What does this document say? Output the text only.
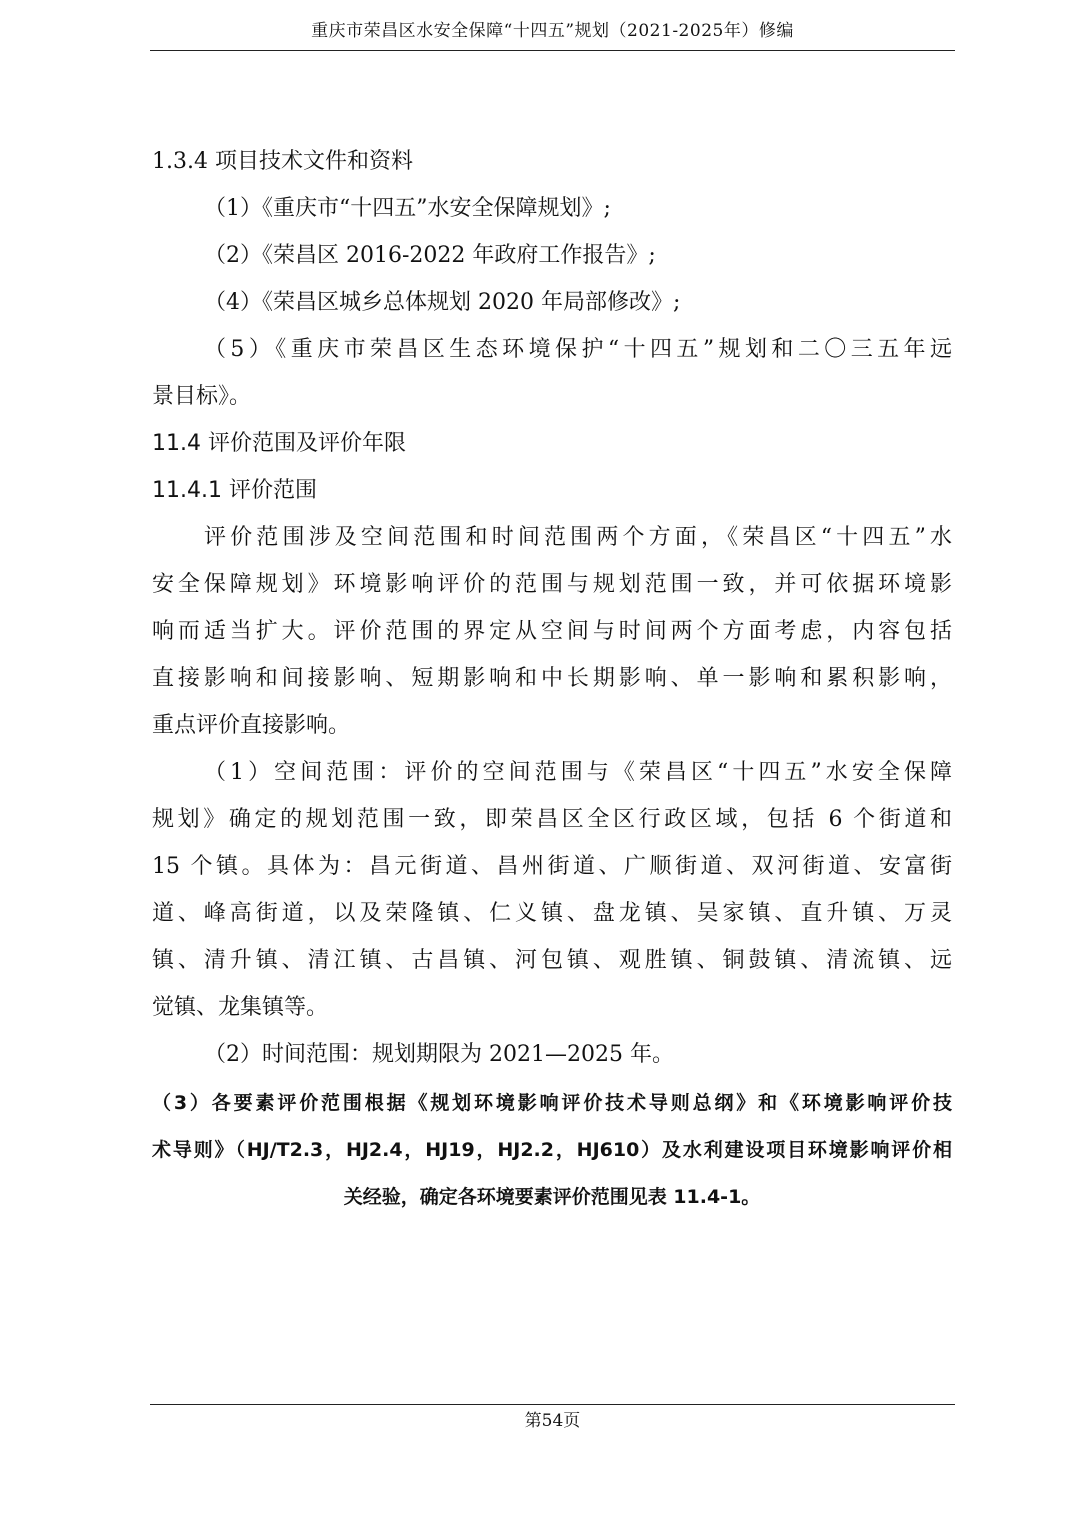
重庆市荣昌区水安全保障“十四五”规划（2021-2025年）修编
1.3.4 项目技术文件和资料
（1）《重庆市“十四五”水安全保障规划》;
（2）《荣昌区 2016-2022 年政府工作报告》;
（4）《荣昌区城乡总体规划 2020 年局部修改》;
（5）《重庆市荣昌区生态环境保护“十四五”规划和二〇三五年远
景目标》。
11.4 评价范围及评价年限
11.4.1 评价范围
评价范围涉及空间范围和时间范围两个方面，《荣昌区“十四五”水
安全保障规划》环境影响评价的范围与规划范围一致，并可依据环境影
响而适当扩大。评价范围的界定从空间与时间两个方面考虑，内容包括
直接影响和间接影响、短期影响和中长期影响、单一影响和累积影响，
重点评价直接影响。
（1）空间范围：评价的空间范围与《荣昌区“十四五”水安全保障
规划》确定的规划范围一致，即荣昌区全区行政区域，包括 6 个街道和
15 个镇。具体为：昌元街道、昌州街道、广顺街道、双河街道、安富街
道、峰高街道，以及荣隆镇、仁义镇、盘龙镇、吴家镇、直升镇、万灵
镇、清升镇、清江镇、古昌镇、河包镇、观胜镇、铜鼓镇、清流镇、远
觉镇、龙集镇等。
（2）时间范围：规划期限为 2021—2025 年。
（3）各要素评价范围根据《规划环境影响评价技术导则总纲》和《环境影响评价技
术导则》（HJ/T2.3，HJ2.4，HJ19，HJ2.2，HJ610）及水利建设项目环境影响评价相
关经验，确定各环境要素评价范围见表 11.4-1。
第54页
